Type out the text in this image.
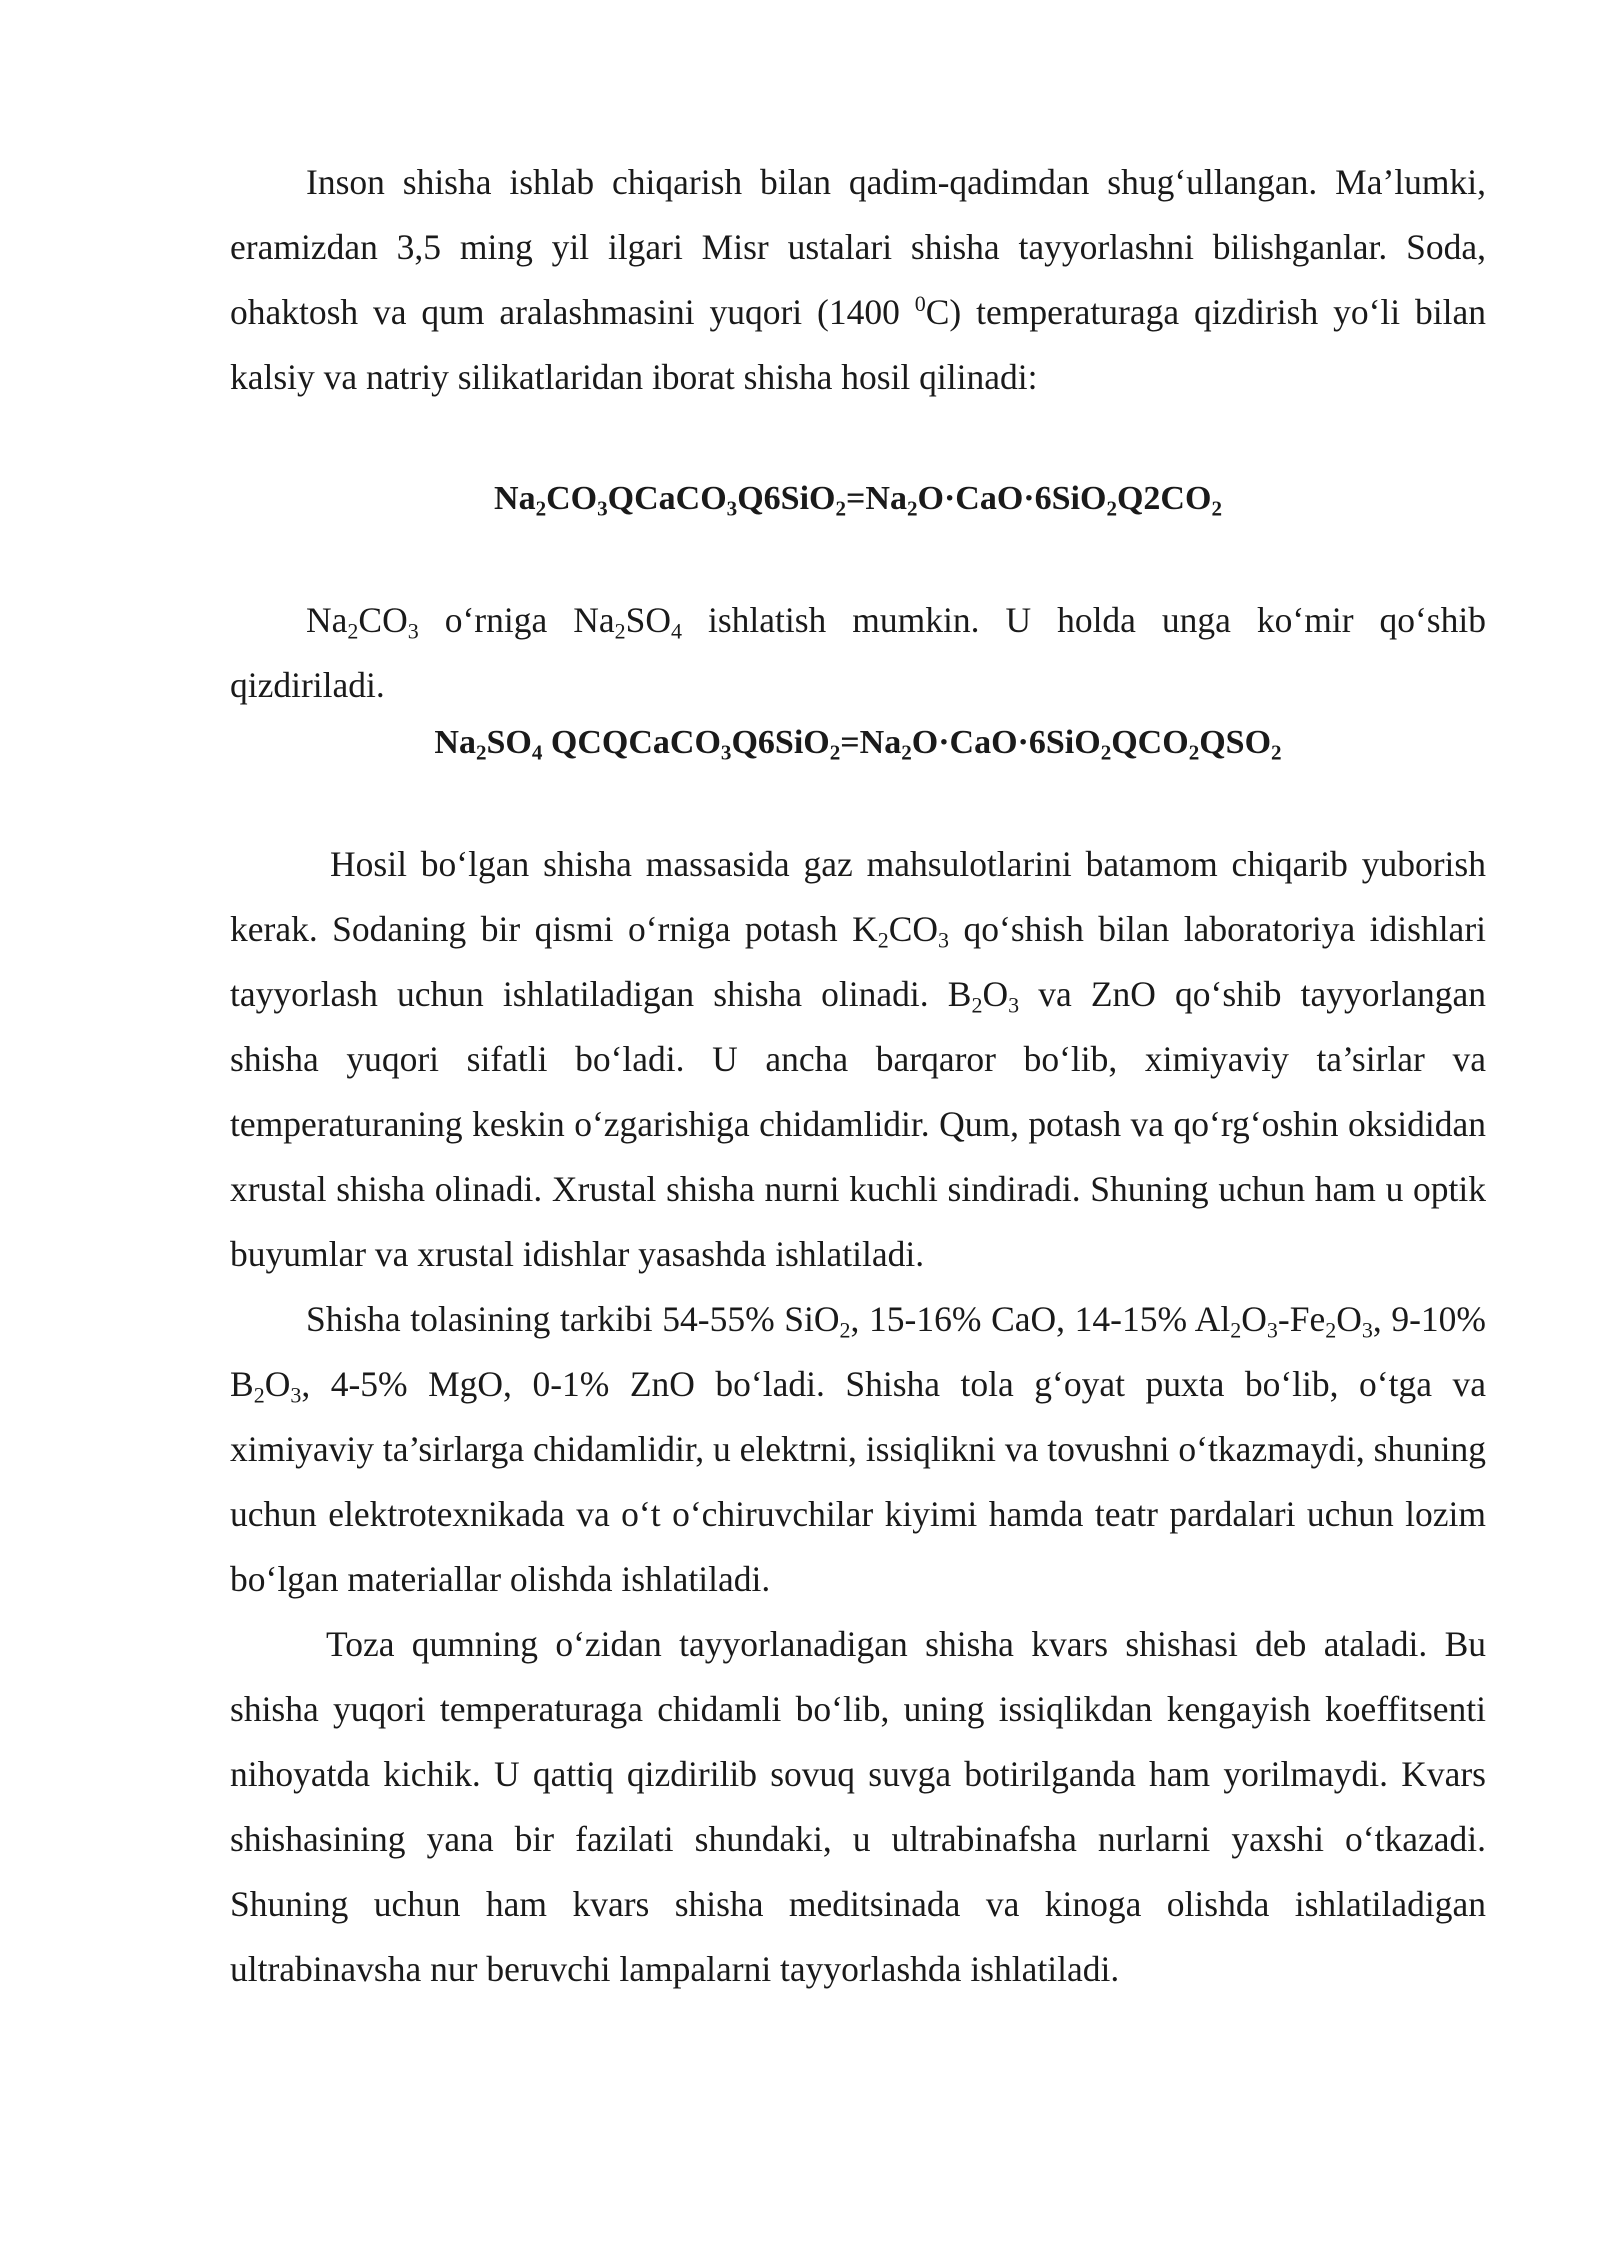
Inson shisha ishlab chiqarish bilan qadim-qadimdan shug‘ullangan. Ma’lumki, eramizdan 3,5 ming yil ilgari Misr ustalari shisha tayyorlashni bilishganlar. Soda, ohaktosh va qum aralashmasini yuqori (1400 $^0$C) temperaturaga qizdirish yo‘li bilan kalsiy va natriy silikatlaridan iborat shisha hosil qilinadi:

$Na_2CO_3QCaCO_3Q6SiO_2=Na_2O\cdot CaO\cdot 6SiO_2Q2CO_2$

$Na_2CO_3$ o‘rniga $Na_2SO_4$ ishlatish mumkin. U holda unga ko‘mir qo‘shib qizdiriladi.

$Na_2SO_4$ $QCQCaCO_3Q6SiO_2=Na_2O\cdot CaO\cdot 6SiO_2QCO_2QSO_2$

Hosil bo‘lgan shisha massasida gaz mahsulotlarini batamom chiqarib yuborish kerak. Sodaning bir qismi o‘rniga potash $K_2CO_3$ qo‘shish bilan laboratoriya idishlari tayyorlash uchun ishlatiladigan shisha olinadi. $B_2O_3$ va ZnO qo‘shib tayyorlangan shisha yuqori sifatli bo‘ladi. U ancha barqaror bo‘lib, ximiyaviy ta’sirlar va temperaturaning keskin o‘zgarishiga chidamlidir. Qum, potash va qo‘rg‘oshin oksididan xrustal shisha olinadi. Xrustal shisha nurni kuchli sindiradi. Shuning uchun ham u optik buyumlar va xrustal idishlar yasashda ishlatiladi.

Shisha tolasining tarkibi 54-55% SiO$_2$, 15-16% CaO, 14-15% $Al_2O_3-Fe_2O_3$, 9-10% $B_2O_3$, 4-5% MgO, 0-1% ZnO bo‘ladi. Shisha tola g‘oyat puxta bo‘lib, o‘tga va ximiyaviy ta’sirlarga chidamlidir, u elektrni, issiqlikni va tovushni o‘tkazmaydi, shuning uchun elektrotexnikada va o‘t o‘chiruvchilar kiyimi hamda teatr pardalari uchun lozim bo‘lgan materiallar olishda ishlatiladi.

Toza qumning o‘zidan tayyorlanadigan shisha kvars shishasi deb ataladi. Bu shisha yuqori temperaturaga chidamli bo‘lib, uning issiqlikdan kengayish koeffitsenti nihoyatda kichik. U qattiq qizdirilib sovuq suvga botirilganda ham yorilmaydi. Kvars shishasining yana bir fazilati shundaki, u ultrabinafsha nurlarni yaxshi o‘tkazadi. Shuning uchun ham kvars shisha meditsinada va kinoga olishda ishlatiladigan ultrabinavsha nur beruvchi lampalarni tayyorlashda ishlatiladi.
